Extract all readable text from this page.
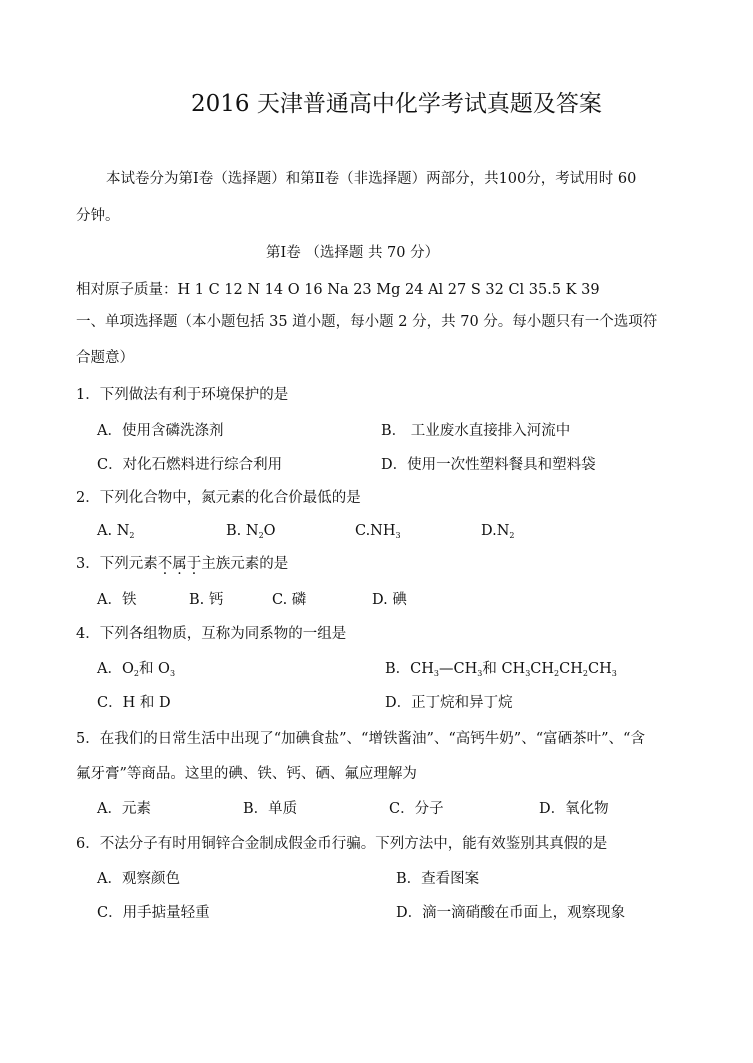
2016 天津普通高中化学考试真题及答案
本试卷分为第Ⅰ卷（选择题）和第Ⅱ卷（非选择题）两部分，共100分，考试用时 60
分钟。
第Ⅰ卷 （选择题 共 70 分）
相对原子质量：H 1 C 12 N 14 O 16 Na 23 Mg 24 Al 27 S 32 Cl 35.5 K 39
一、单项选择题（本小题包括 35 道小题，每小题 2 分，共 70 分。每小题只有一个选项符
合题意）
1．下列做法有利于环境保护的是
A．使用含磷洗涤剂	B． 工业废水直接排入河流中
C．对化石燃料进行综合利用	D．使用一次性塑料餐具和塑料袋
2．下列化合物中，氮元素的化合价最低的是
A. $N_2$	B. $N_2O$	$C.NH_3$	$D.N_2$
3．下列元素不属于主族元素的是
A．铁	B. 钙	C. 磷	D. 碘
4．下列各组物质，互称为同系物的一组是
A．$O_2$和 $O_3$	B．$CH_3—CH_3$和 $CH_3CH_2CH_2CH_3$
C．H 和 D	D．正丁烷和异丁烷
5．在我们的日常生活中出现了“加碘食盐”、“增铁酱油”、“高钙牛奶”、“富硒茶叶”、“含
氟牙膏”等商品。这里的碘、铁、钙、硒、氟应理解为
A．元素	B．单质	C．分子	D．氧化物
6．不法分子有时用铜锌合金制成假金币行骗。下列方法中，能有效鉴别其真假的是
A．观察颜色	B．查看图案
C．用手掂量轻重	D．滴一滴硝酸在币面上，观察现象
